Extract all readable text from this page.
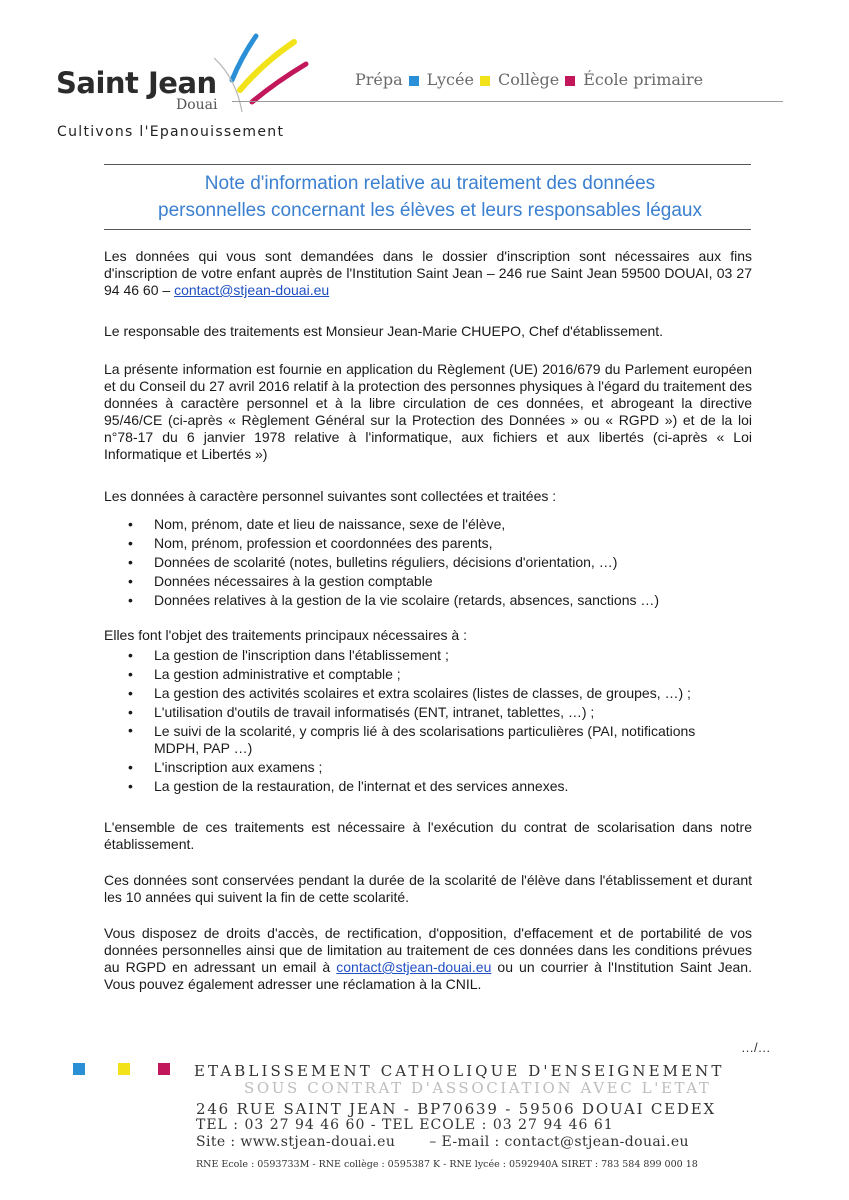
Saint Jean
Douai
Cultivons l'Epanouissement
Prépa Lycée Collège École primaire
Note d'information relative au traitement des données
personnelles concernant les élèves et leurs responsables légaux
Les données qui vous sont demandées dans le dossier d'inscription sont nécessaires aux fins d'inscription de votre enfant auprès de l'Institution Saint Jean – 246 rue Saint Jean 59500 DOUAI, 03 27 94 46 60 – contact@stjean-douai.eu
Le responsable des traitements est Monsieur Jean-Marie CHUEPO, Chef d'établissement.
La présente information est fournie en application du Règlement (UE) 2016/679 du Parlement européen et du Conseil du 27 avril 2016 relatif à la protection des personnes physiques à l'égard du traitement des données à caractère personnel et à la libre circulation de ces données, et abrogeant la directive 95/46/CE (ci-après « Règlement Général sur la Protection des Données » ou « RGPD ») et de la loi n°78-17 du 6 janvier 1978 relative à l'informatique, aux fichiers et aux libertés (ci-après « Loi Informatique et Libertés »)
Les données à caractère personnel suivantes sont collectées et traitées :
• Nom, prénom, date et lieu de naissance, sexe de l'élève,
• Nom, prénom, profession et coordonnées des parents,
• Données de scolarité (notes, bulletins réguliers, décisions d'orientation, …)
• Données nécessaires à la gestion comptable
• Données relatives à la gestion de la vie scolaire (retards, absences, sanctions …)
Elles font l'objet des traitements principaux nécessaires à :
• La gestion de l'inscription dans l'établissement ;
• La gestion administrative et comptable ;
• La gestion des activités scolaires et extra scolaires (listes de classes, de groupes, …) ;
• L'utilisation d'outils de travail informatisés (ENT, intranet, tablettes, …) ;
• Le suivi de la scolarité, y compris lié à des scolarisations particulières (PAI, notifications MDPH, PAP …)
• L'inscription aux examens ;
• La gestion de la restauration, de l'internat et des services annexes.
L'ensemble de ces traitements est nécessaire à l'exécution du contrat de scolarisation dans notre établissement.
Ces données sont conservées pendant la durée de la scolarité de l'élève dans l'établissement et durant les 10 années qui suivent la fin de cette scolarité.
Vous disposez de droits d'accès, de rectification, d'opposition, d'effacement et de portabilité de vos données personnelles ainsi que de limitation au traitement de ces données dans les conditions prévues au RGPD en adressant un email à contact@stjean-douai.eu ou un courrier à l'Institution Saint Jean. Vous pouvez également adresser une réclamation à la CNIL.
…/…
ETABLISSEMENT CATHOLIQUE D'ENSEIGNEMENT
SOUS CONTRAT D'ASSOCIATION AVEC L'ETAT
246 RUE SAINT JEAN - BP70639 - 59506 DOUAI CEDEX
TEL : 03 27 94 46 60 - TEL ECOLE : 03 27 94 46 61
Site : www.stjean-douai.eu – E-mail : contact@stjean-douai.eu
RNE Ecole : 0593733M - RNE collège : 0595387 K - RNE lycée : 0592940A SIRET : 783 584 899 000 18
